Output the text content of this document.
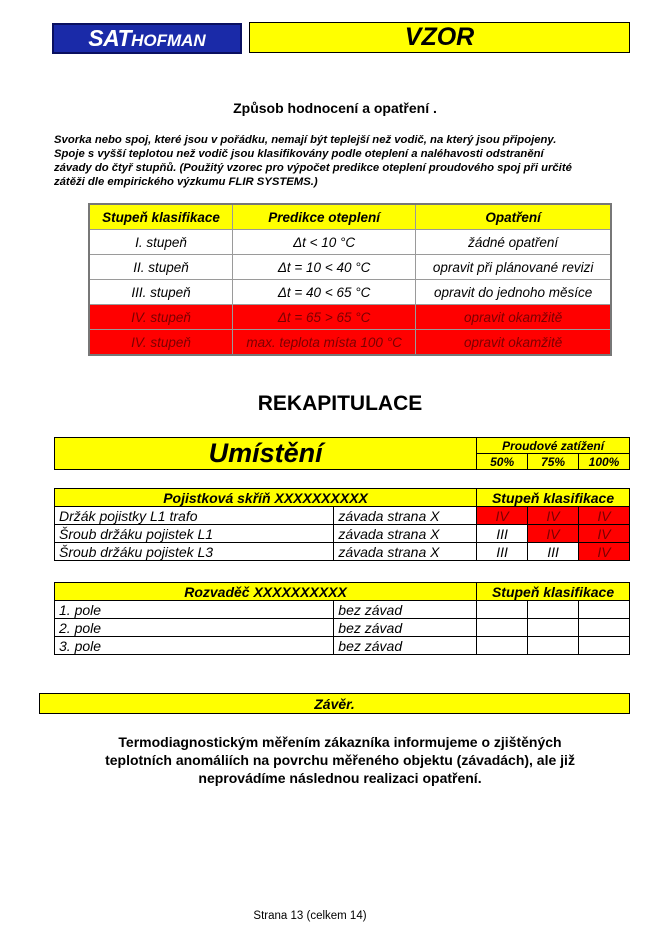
SATHOFMAN	VZOR
Způsob hodnocení a opatření .
Svorka nebo spoj, které jsou v pořádku, nemají být teplejší než vodič, na který jsou připojeny.
Spoje s vyšší teplotou než vodič jsou klasifikovány podle oteplení a naléhavosti odstranění
závady do čtyř stupňů. (Použitý vzorec pro výpočet predikce oteplení proudového spoj při určité
zátěži dle empirického výzkumu FLIR SYSTEMS.)
Stupeň klasifikace	Predikce oteplení	Opatření
I. stupeň	Δt < 10 °C	žádné opatření
II. stupeň	Δt = 10 < 40 °C	opravit při plánované revizi
III. stupeň	Δt = 40 < 65 °C	opravit do jednoho měsíce
IV. stupeň	Δt = 65 > 65 °C	opravit okamžitě
IV. stupeň	max. teplota místa 100 °C	opravit okamžitě
REKAPITULACE
Umístění	Proudové zatížení		
	50%	75%	100%
Pojistková skříň XXXXXXXXXX		Stupeň klasifikace		
Držák pojistky L1 trafo	závada strana X	IV	IV	IV
Šroub držáku pojistek L1	závada strana X	III	IV	IV
Šroub držáku pojistek L3	závada strana X	III	III	IV
Rozvaděč XXXXXXXXXX		Stupeň klasifikace		
1. pole	bez závad			
2. pole	bez závad			
3. pole	bez závad			
Závěr.
Termodiagnostickým měřením zákazníka informujeme o zjištěných
teplotních anomáliích na povrchu měřeného objektu (závadách), ale již
neprovádíme následnou realizaci opatření.
Strana 13 (celkem 14)
